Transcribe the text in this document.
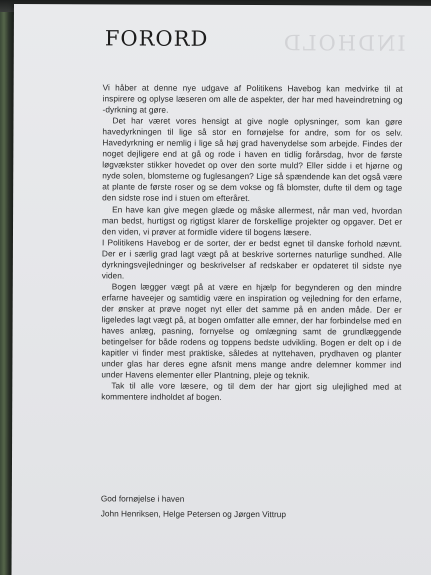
INDHOLD
FORORD

Vi håber at denne nye udgave af Politikens Havebog kan medvirke til at inspirere og oplyse læseren om alle de aspekter, der har med haveindretning og -dyrkning at gøre.

Det har været vores hensigt at give nogle oplysninger, som kan gøre havedyrkningen til lige så stor en fornøjelse for andre, som for os selv. Havedyrkning er nemlig i lige så høj grad havenydelse som arbejde. Findes der noget dejligere end at gå og rode i haven en tidlig forårsdag, hvor de første løgvækster stikker hovedet op over den sorte muld? Eller sidde i et hjørne og nyde solen, blomsterne og fuglesangen? Lige så spændende kan det også være at plante de første roser og se dem vokse og få blomster, dufte til dem og tage den sidste rose ind i stuen om efteråret.

En have kan give megen glæde og måske allermest, når man ved, hvordan man bedst, hurtigst og rigtigst klarer de forskellige projekter og opgaver. Det er den viden, vi prøver at formidle videre til bogens læsere.

I Politikens Havebog er de sorter, der er bedst egnet til danske forhold nævnt. Der er i særlig grad lagt vægt på at beskrive sorternes naturlige sundhed. Alle dyrkningsvejledninger og beskrivelser af redskaber er opdateret til sidste nye viden.

Bogen lægger vægt på at være en hjælp for begynderen og den mindre erfarne haveejer og samtidig være en inspiration og vejledning for den erfarne, der ønsker at prøve noget nyt eller det samme på en anden måde. Der er ligeledes lagt vægt på, at bogen omfatter alle emner, der har forbindelse med en haves anlæg, pasning, fornyelse og omlægning samt de grundlæggende betingelser for både rodens og toppens bedste udvikling. Bogen er delt op i de kapitler vi finder mest praktiske, således at nyttehaven, prydhaven og planter under glas har deres egne afsnit mens mange andre delemner kommer ind under Havens elementer eller Plantning, pleje og teknik.

Tak til alle vore læsere, og til dem der har gjort sig ulejlighed med at kommentere indholdet af bogen.

God fornøjelse i haven
John Henriksen, Helge Petersen og Jørgen Vittrup
